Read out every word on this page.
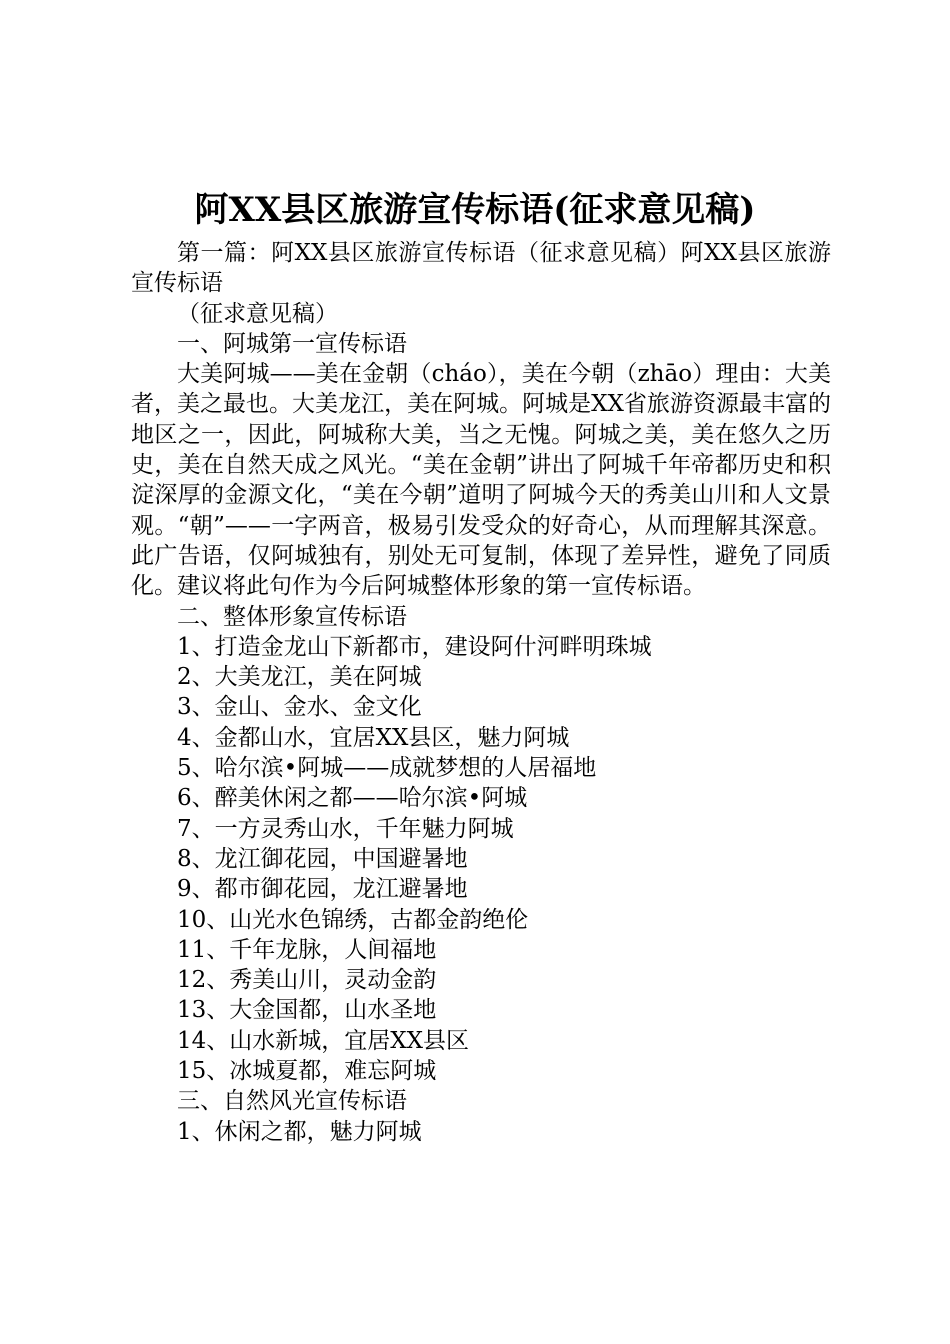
阿XX县区旅游宣传标语(征求意见稿)

第一篇：阿XX县区旅游宣传标语（征求意见稿）阿XX县区旅游宣传标语

（征求意见稿）

一、阿城第一宣传标语

大美阿城——美在金朝（cháo），美在今朝（zhāo）理由：大美者，美之最也。大美龙江，美在阿城。阿城是XX省旅游资源最丰富的地区之一，因此，阿城称大美，当之无愧。阿城之美，美在悠久之历史，美在自然天成之风光。“美在金朝”讲出了阿城千年帝都历史和积淀深厚的金源文化，“美在今朝”道明了阿城今天的秀美山川和人文景观。“朝”——一字两音，极易引发受众的好奇心，从而理解其深意。此广告语，仅阿城独有，别处无可复制，体现了差异性，避免了同质化。建议将此句作为今后阿城整体形象的第一宣传标语。

二、整体形象宣传标语

1、打造金龙山下新都市，建设阿什河畔明珠城

2、大美龙江，美在阿城

3、金山、金水、金文化

4、金都山水，宜居XX县区，魅力阿城

5、哈尔滨•阿城——成就梦想的人居福地

6、醉美休闲之都——哈尔滨•阿城

7、一方灵秀山水，千年魅力阿城

8、龙江御花园，中国避暑地

9、都市御花园，龙江避暑地

10、山光水色锦绣，古都金韵绝伦

11、千年龙脉，人间福地

12、秀美山川，灵动金韵

13、大金国都，山水圣地

14、山水新城，宜居XX县区

15、冰城夏都，难忘阿城

三、自然风光宣传标语

1、休闲之都，魅力阿城
